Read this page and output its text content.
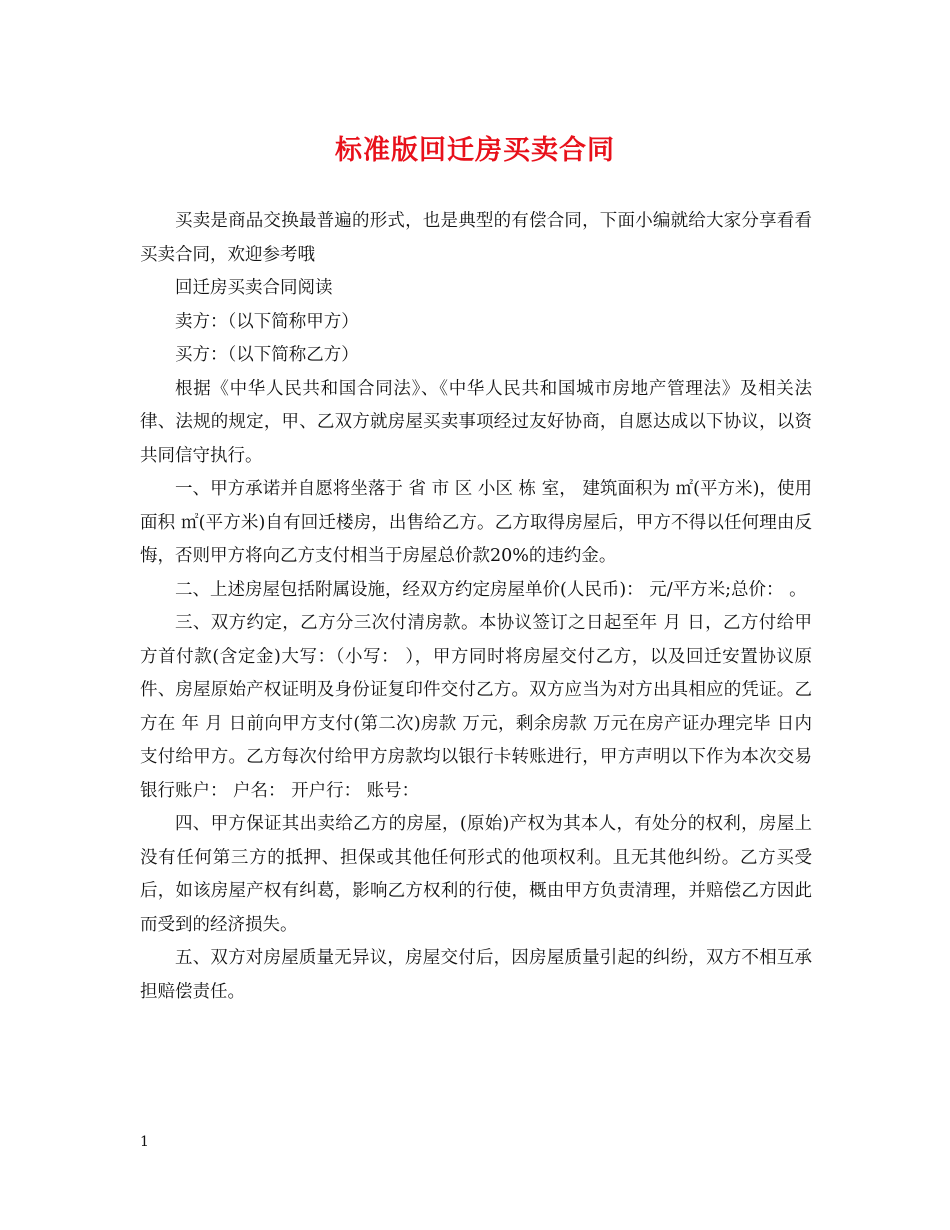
标准版回迁房买卖合同

买卖是商品交换最普遍的形式，也是典型的有偿合同，下面小编就给大家分享看看买卖合同，欢迎参考哦

回迁房买卖合同阅读

卖方：（以下简称甲方）

买方：（以下简称乙方）

根据《中华人民共和国合同法》、《中华人民共和国城市房地产管理法》及相关法律、法规的规定，甲、乙双方就房屋买卖事项经过友好协商，自愿达成以下协议，以资共同信守执行。

一、甲方承诺并自愿将坐落于 省 市 区 小区 栋 室， 建筑面积为 ㎡(平方米)，使用面积 ㎡(平方米)自有回迁楼房，出售给乙方。乙方取得房屋后，甲方不得以任何理由反悔，否则甲方将向乙方支付相当于房屋总价款20%的违约金。

二、上述房屋包括附属设施，经双方约定房屋单价(人民币)： 元/平方米;总价： 。

三、双方约定，乙方分三次付清房款。本协议签订之日起至年 月 日，乙方付给甲方首付款(含定金)大写：（小写： ），甲方同时将房屋交付乙方，以及回迁安置协议原件、房屋原始产权证明及身份证复印件交付乙方。双方应当为对方出具相应的凭证。乙方在 年 月 日前向甲方支付(第二次)房款 万元，剩余房款 万元在房产证办理完毕 日内支付给甲方。乙方每次付给甲方房款均以银行卡转账进行，甲方声明以下作为本次交易银行账户： 户名： 开户行： 账号：

四、甲方保证其出卖给乙方的房屋，(原始)产权为其本人，有处分的权利，房屋上没有任何第三方的抵押、担保或其他任何形式的他项权利。且无其他纠纷。乙方买受后，如该房屋产权有纠葛，影响乙方权利的行使，概由甲方负责清理，并赔偿乙方因此而受到的经济损失。

五、双方对房屋质量无异议，房屋交付后，因房屋质量引起的纠纷，双方不相互承担赔偿责任。

1
